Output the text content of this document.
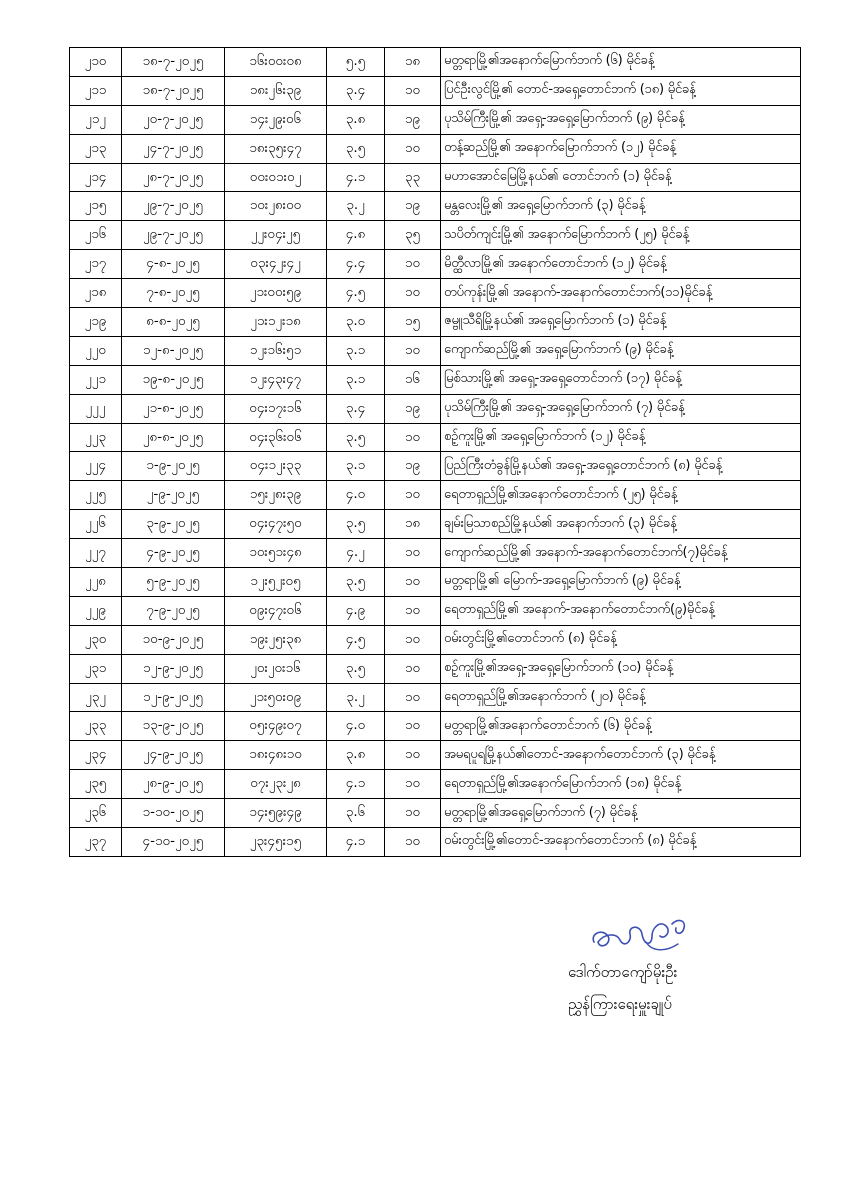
၂၁၀	၁၈-၇-၂၀၂၅	၁၆း၀၀း၀၈	၅.၅	၁၈	မတ္တရာမြို့၏အနောက်မြောက်ဘက် (၆) မိုင်ခန့်
၂၁၁	၁၈-၇-၂၀၂၅	၁၈း၂၆း၃၉	၃.၄	၁၀	ပြင်ဦးလွင်မြို့၏ တောင်-အရှေ့တောင်ဘက် (၁၈) မိုင်ခန့်
၂၁၂	၂၀-၇-၂၀၂၅	၁၄း၂၉း၀၆	၃.၈	၁၉	ပုသိမ်ကြီးမြို့၏ အရှေ့-အရှေ့မြောက်ဘက် (၉) မိုင်ခန့်
၂၁၃	၂၄-၇-၂၀၂၅	၁၈း၃၅း၄၇	၃.၅	၁၀	တန့်ဆည်မြို့၏ အနောက်မြောက်ဘက် (၁၂) မိုင်ခန့်
၂၁၄	၂၈-၇-၂၀၂၅	၀၀း၀၁း၀၂	၄.၁	၃၃	မဟာအောင်မြေမြို့နယ်၏ တောင်ဘက် (၁) မိုင်ခန့်
၂၁၅	၂၉-၇-၂၀၂၅	၁၀း၂၈း၀၀	၃.၂	၁၉	မန္တလေးမြို့၏ အရှေ့မြောက်ဘက် (၃) မိုင်ခန့်
၂၁၆	၂၉-၇-၂၀၂၅	၂၂း၀၄း၂၅	၄.၈	၃၅	သပိတ်ကျင်းမြို့၏ အနောက်မြောက်ဘက် (၂၅) မိုင်ခန့်
၂၁၇	၄-၈-၂၀၂၅	၀၃း၄၂း၄၂	၄.၄	၁၀	မိတ္ထီလာမြို့၏ အနောက်တောင်ဘက် (၁၂) မိုင်ခန့်
၂၁၈	၇-၈-၂၀၂၅	၂၁း၀၀း၅၉	၄.၅	၁၀	တပ်ကုန်းမြို့၏ အနောက်-အနောက်တောင်ဘက်(၁၁)မိုင်ခန့်
၂၁၉	၈-၈-၂၀၂၅	၂၁း၁၂း၁၈	၃.၀	၁၅	ဇမ္ဗူသီရိမြို့နယ်၏ အရှေ့မြောက်ဘက် (၁) မိုင်ခန့်
၂၂၀	၁၂-၈-၂၀၂၅	၁၂း၁၆း၅၁	၃.၁	၁၀	ကျောက်ဆည်မြို့၏ အရှေ့မြောက်ဘက် (၉) မိုင်ခန့်
၂၂၁	၁၉-၈-၂၀၂၅	၁၂း၄၃း၄၇	၃.၁	၁၆	မြစ်သားမြို့၏ အရှေ့-အရှေ့တောင်ဘက် (၁၇) မိုင်ခန့်
၂၂၂	၂၁-၈-၂၀၂၅	၀၄း၁၇း၁၆	၃.၄	၁၉	ပုသိမ်ကြီးမြို့၏ အရှေ့-အရှေ့မြောက်ဘက် (၇) မိုင်ခန့်
၂၂၃	၂၈-၈-၂၀၂၅	၀၄း၃၆း၀၆	၃.၅	၁၀	စဉ့်ကူးမြို့၏ အရှေ့မြောက်ဘက် (၁၂) မိုင်ခန့်
၂၂၄	၁-၉-၂၀၂၅	၀၄း၁၂း၃၃	၃.၁	၁၉	ပြည်ကြီးတံခွန်မြို့နယ်၏ အရှေ့-အရှေ့တောင်ဘက် (၈) မိုင်ခန့်
၂၂၅	၂-၉-၂၀၂၅	၁၅း၂၈း၃၉	၄.၀	၁၀	ရေတာရှည်မြို့၏အနောက်တောင်ဘက် (၂၅) မိုင်ခန့်
၂၂၆	၃-၉-၂၀၂၅	၀၄း၄၇း၅၀	၃.၅	၁၈	ချမ်းမြသာစည်မြို့နယ်၏ အနောက်ဘက် (၃) မိုင်ခန့်
၂၂၇	၄-၉-၂၀၂၅	၁၀း၅၁း၄၈	၄.၂	၁၀	ကျောက်ဆည်မြို့၏ အနောက်-အနောက်တောင်ဘက်(၇)မိုင်ခန့်
၂၂၈	၅-၉-၂၀၂၅	၁၂း၅၂း၀၅	၃.၅	၁၀	မတ္တရာမြို့၏ မြောက်-အရှေ့မြောက်ဘက် (၉) မိုင်ခန့်
၂၂၉	၇-၉-၂၀၂၅	၀၉း၄၇း၀၆	၄.၉	၁၀	ရေတာရှည်မြို့၏ အနောက်-အနောက်တောင်ဘက်(၉)မိုင်ခန့်
၂၃၀	၁၀-၉-၂၀၂၅	၁၉း၂၅း၃၈	၄.၅	၁၀	ဝမ်းတွင်းမြို့၏တောင်ဘက် (၈) မိုင်ခန့်
၂၃၁	၁၂-၉-၂၀၂၅	၂၀း၂၀း၁၆	၃.၅	၁၀	စဉ့်ကူးမြို့၏အရှေ့-အရှေ့မြောက်ဘက် (၁၀) မိုင်ခန့်
၂၃၂	၁၂-၉-၂၀၂၅	၂၁း၅၀း၀၉	၃.၂	၁၀	ရေတာရှည်မြို့၏အနောက်ဘက် (၂၀) မိုင်ခန့်
၂၃၃	၁၃-၉-၂၀၂၅	၀၅း၄၉း၀၇	၄.၀	၁၀	မတ္တရာမြို့၏အနောက်တောင်ဘက် (၆) မိုင်ခန့်
၂၃၄	၂၄-၉-၂၀၂၅	၁၈း၄၈း၁၀	၃.၈	၁၀	အမရပူရမြို့နယ်၏တောင်-အနောက်တောင်ဘက် (၃) မိုင်ခန့်
၂၃၅	၂၈-၉-၂၀၂၅	၀၇း၂၃း၂၈	၄.၁	၁၀	ရေတာရှည်မြို့၏အနောက်မြောက်ဘက် (၁၈) မိုင်ခန့်
၂၃၆	၁-၁၀-၂၀၂၅	၁၄း၅၉း၄၉	၃.၆	၁၀	မတ္တရာမြို့၏အရှေ့မြောက်ဘက် (၇) မိုင်ခန့်
၂၃၇	၄-၁၀-၂၀၂၅	၂၃း၄၅း၁၅	၄.၁	၁၀	ဝမ်းတွင်းမြို့၏တောင်-အနောက်တောင်ဘက် (၈) မိုင်ခန့်
ဒေါက်တာကျော်မိုးဦး
ညွှန်ကြားရေးမှူးချုပ်
